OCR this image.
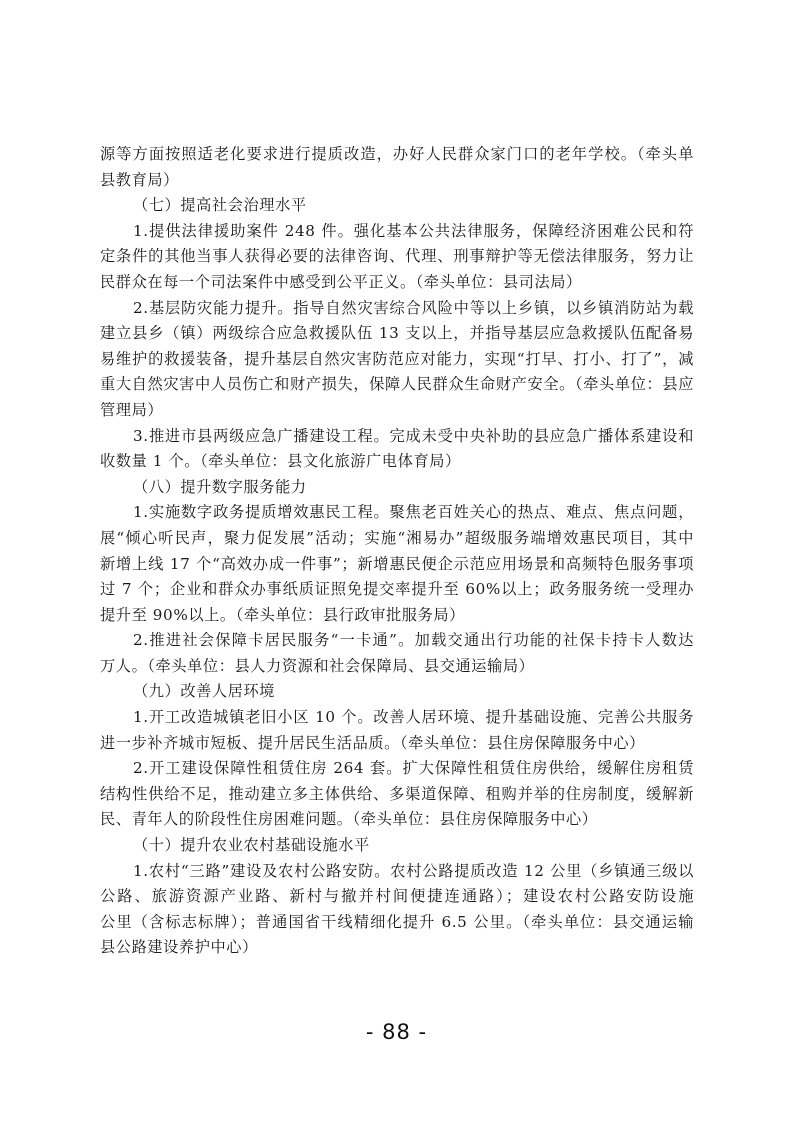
源等方面按照适老化要求进行提质改造，办好人民群众家门口的老年学校。（牵头单
县教育局）
（七）提高社会治理水平
1.提供法律援助案件 248 件。强化基本公共法律服务，保障经济困难公民和符
定条件的其他当事人获得必要的法律咨询、代理、刑事辩护等无偿法律服务，努力让
民群众在每一个司法案件中感受到公平正义。（牵头单位：县司法局）
2.基层防灾能力提升。指导自然灾害综合风险中等以上乡镇，以乡镇消防站为载
建立县乡（镇）两级综合应急救援队伍 13 支以上，并指导基层应急救援队伍配备易
易维护的救援装备，提升基层自然灾害防范应对能力，实现“打早、打小、打了”，减
重大自然灾害中人员伤亡和财产损失，保障人民群众生命财产安全。（牵头单位：县应
管理局）
3.推进市县两级应急广播建设工程。完成未受中央补助的县应急广播体系建设和
收数量 1 个。（牵头单位：县文化旅游广电体育局）
（八）提升数字服务能力
1.实施数字政务提质增效惠民工程。聚焦老百姓关心的热点、难点、焦点问题，
展“倾心听民声，聚力促发展”活动；实施“湘易办”超级服务端增效惠民项目，其中
新增上线 17 个“高效办成一件事”；新增惠民便企示范应用场景和高频特色服务事项
过 7 个；企业和群众办事纸质证照免提交率提升至 60%以上；政务服务统一受理办
提升至 90%以上。（牵头单位：县行政审批服务局）
2.推进社会保障卡居民服务“一卡通”。加载交通出行功能的社保卡持卡人数达
万人。（牵头单位：县人力资源和社会保障局、县交通运输局）
（九）改善人居环境
1.开工改造城镇老旧小区 10 个。改善人居环境、提升基础设施、完善公共服务
进一步补齐城市短板、提升居民生活品质。（牵头单位：县住房保障服务中心）
2.开工建设保障性租赁住房 264 套。扩大保障性租赁住房供给，缓解住房租赁
结构性供给不足，推动建立多主体供给、多渠道保障、租购并举的住房制度，缓解新
民、青年人的阶段性住房困难问题。（牵头单位：县住房保障服务中心）
（十）提升农业农村基础设施水平
1.农村“三路”建设及农村公路安防。农村公路提质改造 12 公里（乡镇通三级以
公路、旅游资源产业路、新村与撤并村间便捷连通路）；建设农村公路安防设施
公里（含标志标牌）；普通国省干线精细化提升 6.5 公里。（牵头单位：县交通运输
县公路建设养护中心）
- 88 -
